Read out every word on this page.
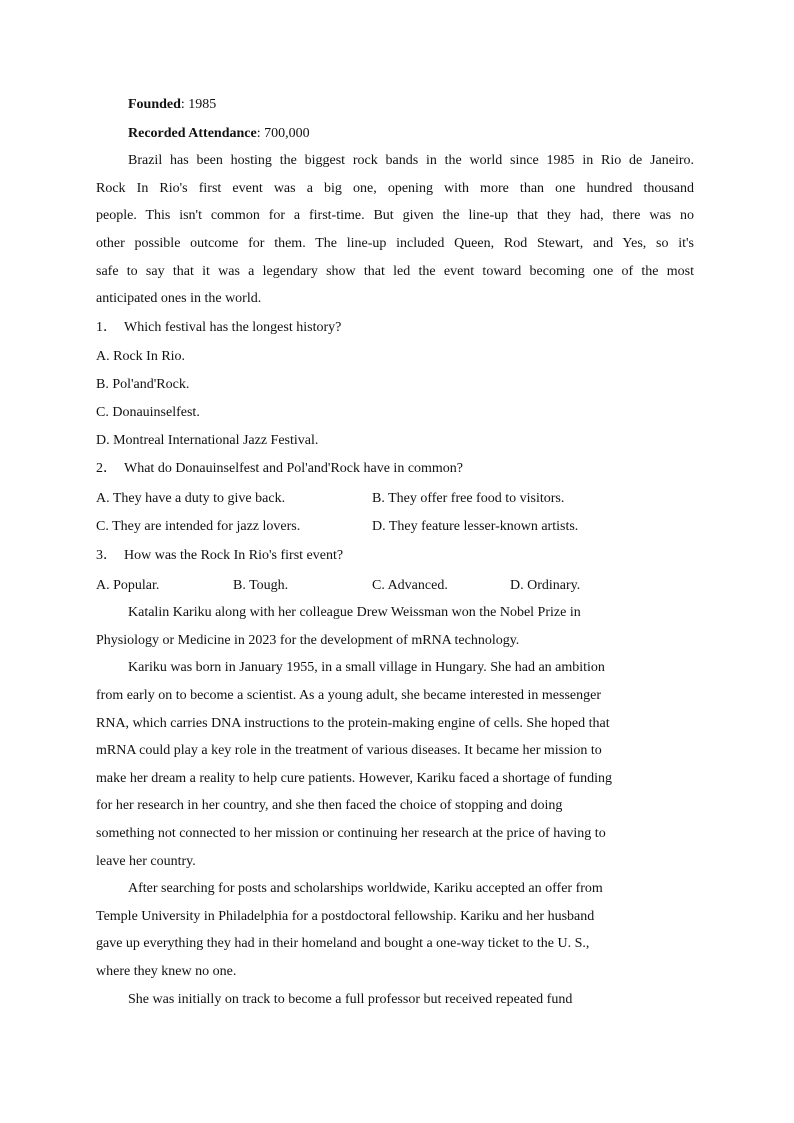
Founded: 1985
Recorded Attendance: 700,000
Brazil has been hosting the biggest rock bands in the world since 1985 in Rio de Janeiro.
Rock In Rio's first event was a big one, opening with more than one hundred thousand
people. This isn't common for a first-time. But given the line-up that they had, there was no
other possible outcome for them. The line-up included Queen, Rod Stewart, and Yes, so it's
safe to say that it was a legendary show that led the event toward becoming one of the most
anticipated ones in the world.
1． Which festival has the longest history?
A. Rock In Rio.
B. Pol'and'Rock.
C. Donauinselfest.
D. Montreal International Jazz Festival.
2． What do Donauinselfest and Pol'and'Rock have in common?
A. They have a duty to give back.	B. They offer free food to visitors.
C. They are intended for jazz lovers.	D. They feature lesser-known artists.
3． How was the Rock In Rio's first event?
A. Popular.	B. Tough.	C. Advanced.	D. Ordinary.
Katalin Kariku along with her colleague Drew Weissman won the Nobel Prize in
Physiology or Medicine in 2023 for the development of mRNA technology.
Kariku was born in January 1955, in a small village in Hungary. She had an ambition
from early on to become a scientist. As a young adult, she became interested in messenger
RNA, which carries DNA instructions to the protein-making engine of cells. She hoped that
mRNA could play a key role in the treatment of various diseases. It became her mission to
make her dream a reality to help cure patients. However, Kariku faced a shortage of funding
for her research in her country, and she then faced the choice of stopping and doing
something not connected to her mission or continuing her research at the price of having to
leave her country.
After searching for posts and scholarships worldwide, Kariku accepted an offer from
Temple University in Philadelphia for a postdoctoral fellowship. Kariku and her husband
gave up everything they had in their homeland and bought a one-way ticket to the U. S.,
where they knew no one.
She was initially on track to become a full professor but received repeated fund
